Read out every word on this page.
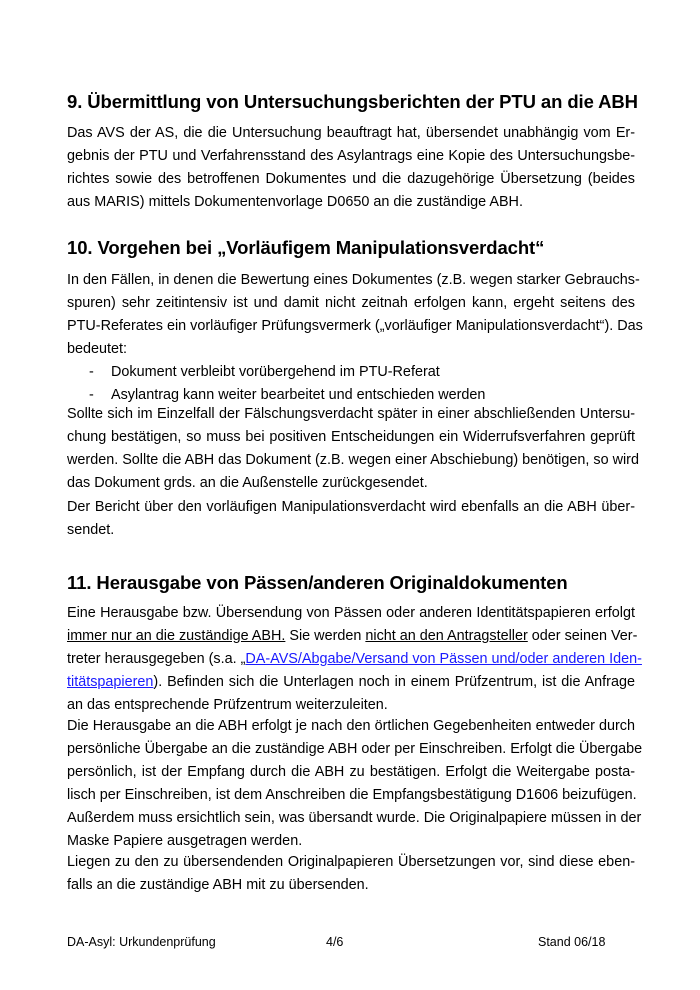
9. Übermittlung von Untersuchungsberichten der PTU an die ABH

Das AVS der AS, die die Untersuchung beauftragt hat, übersendet unabhängig vom Er-
gebnis der PTU und Verfahrensstand des Asylantrags eine Kopie des Untersuchungsbe-
richtes sowie des betroffenen Dokumentes und die dazugehörige Übersetzung (beides
aus MARIS) mittels Dokumentenvorlage D0650 an die zuständige ABH.

10. Vorgehen bei „Vorläufigem Manipulationsverdacht“

In den Fällen, in denen die Bewertung eines Dokumentes (z.B. wegen starker Gebrauchs-
spuren) sehr zeitintensiv ist und damit nicht zeitnah erfolgen kann, ergeht seitens des
PTU-Referates ein vorläufiger Prüfungsvermerk („vorläufiger Manipulationsverdacht“). Das
bedeutet:

- Dokument verbleibt vorübergehend im PTU-Referat
- Asylantrag kann weiter bearbeitet und entschieden werden

Sollte sich im Einzelfall der Fälschungsverdacht später in einer abschließenden Untersu-
chung bestätigen, so muss bei positiven Entscheidungen ein Widerrufsverfahren geprüft
werden. Sollte die ABH das Dokument (z.B. wegen einer Abschiebung) benötigen, so wird
das Dokument grds. an die Außenstelle zurückgesendet.

Der Bericht über den vorläufigen Manipulationsverdacht wird ebenfalls an die ABH über-
sendet.

11. Herausgabe von Pässen/anderen Originaldokumenten

Eine Herausgabe bzw. Übersendung von Pässen oder anderen Identitätspapieren erfolgt
immer nur an die zuständige ABH. Sie werden nicht an den Antragsteller oder seinen Ver-
treter herausgegeben (s.a. „DA-AVS/Abgabe/Versand von Pässen und/oder anderen Iden-
titätspapieren). Befinden sich die Unterlagen noch in einem Prüfzentrum, ist die Anfrage
an das entsprechende Prüfzentrum weiterzuleiten.

Die Herausgabe an die ABH erfolgt je nach den örtlichen Gegebenheiten entweder durch
persönliche Übergabe an die zuständige ABH oder per Einschreiben. Erfolgt die Übergabe
persönlich, ist der Empfang durch die ABH zu bestätigen. Erfolgt die Weitergabe posta-
lisch per Einschreiben, ist dem Anschreiben die Empfangsbestätigung D1606 beizufügen.
Außerdem muss ersichtlich sein, was übersandt wurde. Die Originalpapiere müssen in der
Maske Papiere ausgetragen werden.

Liegen zu den zu übersendenden Originalpapieren Übersetzungen vor, sind diese eben-
falls an die zuständige ABH mit zu übersenden.

DA-Asyl: Urkundenprüfung	4/6	Stand 06/18
